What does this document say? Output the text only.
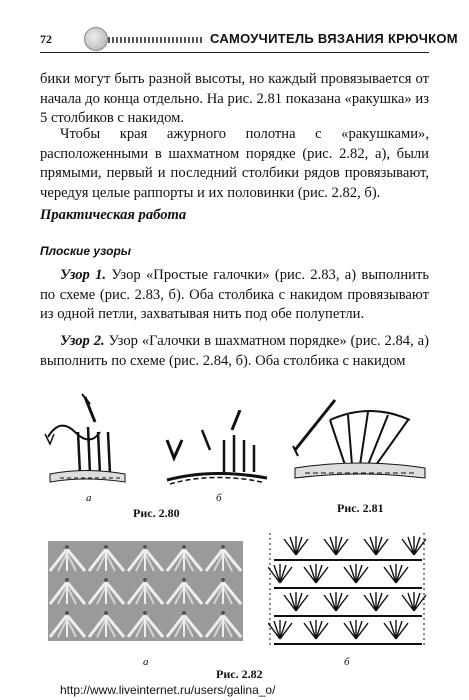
72	САМОУЧИТЕЛЬ ВЯЗАНИЯ КРЮЧКОМ
бики могут быть разной высоты, но каждый провязывается от начала до конца отдельно. На рис. 2.81 показана «ракушка» из 5 столбиков с накидом.
Чтобы края ажурного полотна с «ракушками», расположенными в шахматном порядке (рис. 2.82, а), были прямыми, первый и последний столбики рядов провязывают, чередуя целые раппорты и их половинки (рис. 2.82, б).
Практическая работа
Плоские узоры
Узор 1. Узор «Простые галочки» (рис. 2.83, а) выполнить по схеме (рис. 2.83, б). Оба столбика с накидом провязывают из одной петли, захватывая нить под обе полупетли.
Узор 2. Узор «Галочки в шахматном порядке» (рис. 2.84, а) выполнить по схеме (рис. 2.84, б). Оба столбика с накидом
а	б
Рис. 2.80	Рис. 2.81
а	б
Рис. 2.82
http://www.liveinternet.ru/users/galina_o/
